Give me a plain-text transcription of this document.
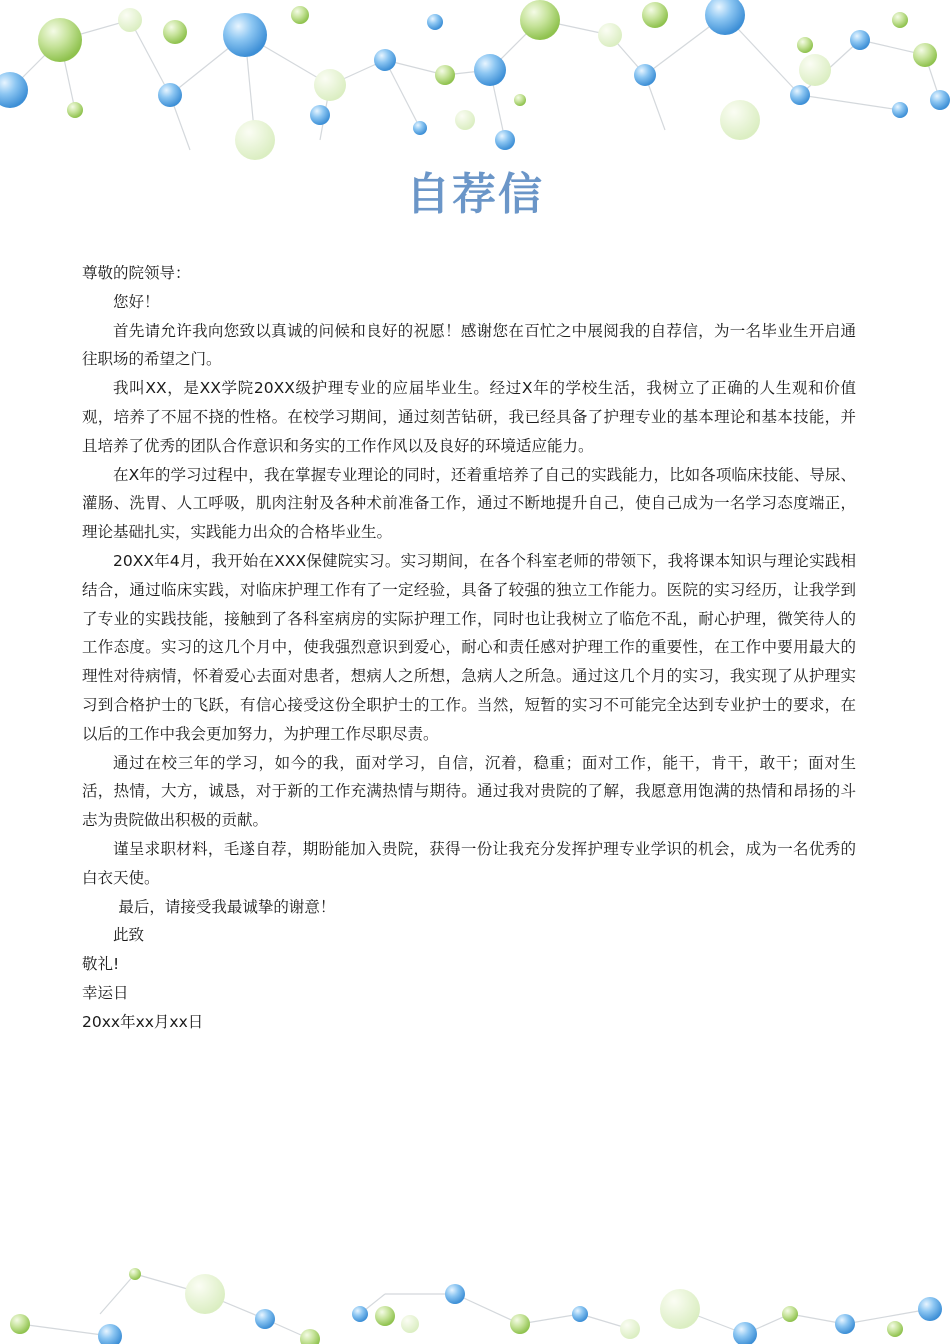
自荐信

尊敬的院领导：

您好！

首先请允许我向您致以真诚的问候和良好的祝愿！感谢您在百忙之中展阅我的自荐信，为一名毕业生开启通往职场的希望之门。

我叫XX，是XX学院20XX级护理专业的应届毕业生。经过X年的学校生活，我树立了正确的人生观和价值观，培养了不屈不挠的性格。在校学习期间，通过刻苦钻研，我已经具备了护理专业的基本理论和基本技能，并且培养了优秀的团队合作意识和务实的工作作风以及良好的环境适应能力。

在X年的学习过程中，我在掌握专业理论的同时，还着重培养了自己的实践能力，比如各项临床技能、导尿、灌肠、洗胃、人工呼吸，肌肉注射及各种术前准备工作，通过不断地提升自己，使自己成为一名学习态度端正，理论基础扎实，实践能力出众的合格毕业生。

20XX年4月，我开始在XXX保健院实习。实习期间，在各个科室老师的带领下，我将课本知识与理论实践相结合，通过临床实践，对临床护理工作有了一定经验，具备了较强的独立工作能力。医院的实习经历，让我学到了专业的实践技能，接触到了各科室病房的实际护理工作，同时也让我树立了临危不乱，耐心护理，微笑待人的工作态度。实习的这几个月中，使我强烈意识到爱心，耐心和责任感对护理工作的重要性，在工作中要用最大的理性对待病情，怀着爱心去面对患者，想病人之所想，急病人之所急。通过这几个月的实习，我实现了从护理实习到合格护士的飞跃，有信心接受这份全职护士的工作。当然，短暂的实习不可能完全达到专业护士的要求，在以后的工作中我会更加努力，为护理工作尽职尽责。

通过在校三年的学习，如今的我，面对学习，自信，沉着，稳重；面对工作，能干，肯干，敢干；面对生活，热情，大方，诚恳，对于新的工作充满热情与期待。通过我对贵院的了解，我愿意用饱满的热情和昂扬的斗志为贵院做出积极的贡献。

谨呈求职材料，毛遂自荐，期盼能加入贵院，获得一份让我充分发挥护理专业学识的机会，成为一名优秀的白衣天使。

最后，请接受我最诚挚的谢意！

此致

敬礼!

幸运日

20xx年xx月xx日
